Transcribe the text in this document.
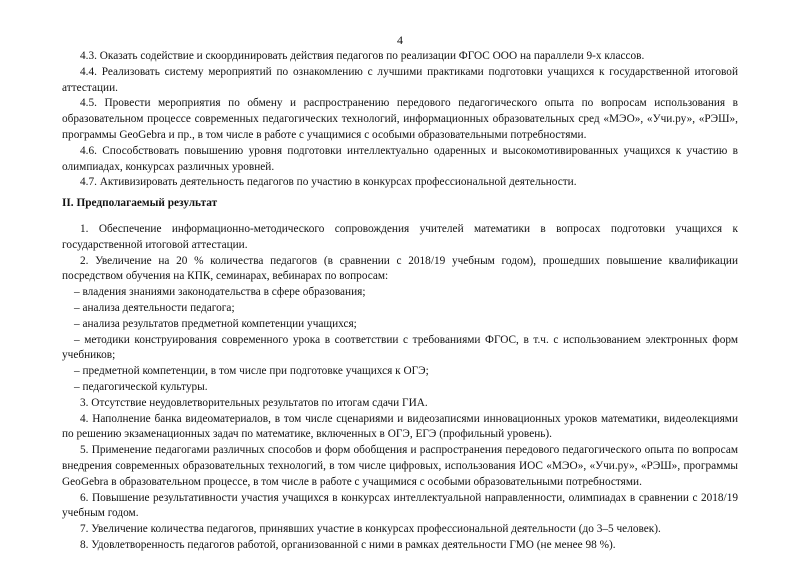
4

4.3. Оказать содействие и скоординировать действия педагогов по реализации ФГОС ООО на параллели 9-х классов.

4.4. Реализовать систему мероприятий по ознакомлению с лучшими практиками подготовки учащихся к государственной итоговой аттестации.

4.5. Провести мероприятия по обмену и распространению передового педагогического опыта по вопросам использования в образовательном процессе современных педагогических технологий, информационных образовательных сред «МЭО», «Учи.ру», «РЭШ», программы GeoGebra и пр., в том числе в работе с учащимися с особыми образовательными потребностями.

4.6. Способствовать повышению уровня подготовки интеллектуально одаренных и высокомотивированных учащихся к участию в олимпиадах, конкурсах различных уровней.

4.7. Активизировать деятельность педагогов по участию в конкурсах профессиональной деятельности.

II. Предполагаемый результат

1. Обеспечение информационно-методического сопровождения учителей математики в вопросах подготовки учащихся к государственной итоговой аттестации.

2. Увеличение на 20 % количества педагогов (в сравнении с 2018/19 учебным годом), прошедших повышение квалификации посредством обучения на КПК, семинарах, вебинарах по вопросам:

– владения знаниями законодательства в сфере образования;

– анализа деятельности педагога;

– анализа результатов предметной компетенции учащихся;

– методики конструирования современного урока в соответствии с требованиями ФГОС, в т.ч. с использованием электронных форм учебников;

– предметной компетенции, в том числе при подготовке учащихся к ОГЭ;

– педагогической культуры.

3. Отсутствие неудовлетворительных результатов по итогам сдачи ГИА.

4. Наполнение банка видеоматериалов, в том числе сценариями и видеозаписями инновационных уроков математики, видеолекциями по решению экзаменационных задач по математике, включенных в ОГЭ, ЕГЭ (профильный уровень).

5. Применение педагогами различных способов и форм обобщения и распространения передового педагогического опыта по вопросам внедрения современных образовательных технологий, в том числе цифровых, использования ИОС «МЭО», «Учи.ру», «РЭШ», программы GeoGebra в образовательном процессе, в том числе в работе с учащимися с особыми образовательными потребностями.

6. Повышение результативности участия учащихся в конкурсах интеллектуальной направленности, олимпиадах в сравнении с 2018/19 учебным годом.

7. Увеличение количества педагогов, принявших участие в конкурсах профессиональной деятельности (до 3–5 человек).

8. Удовлетворенность педагогов работой, организованной с ними в рамках деятельности ГМО (не менее 98 %).
